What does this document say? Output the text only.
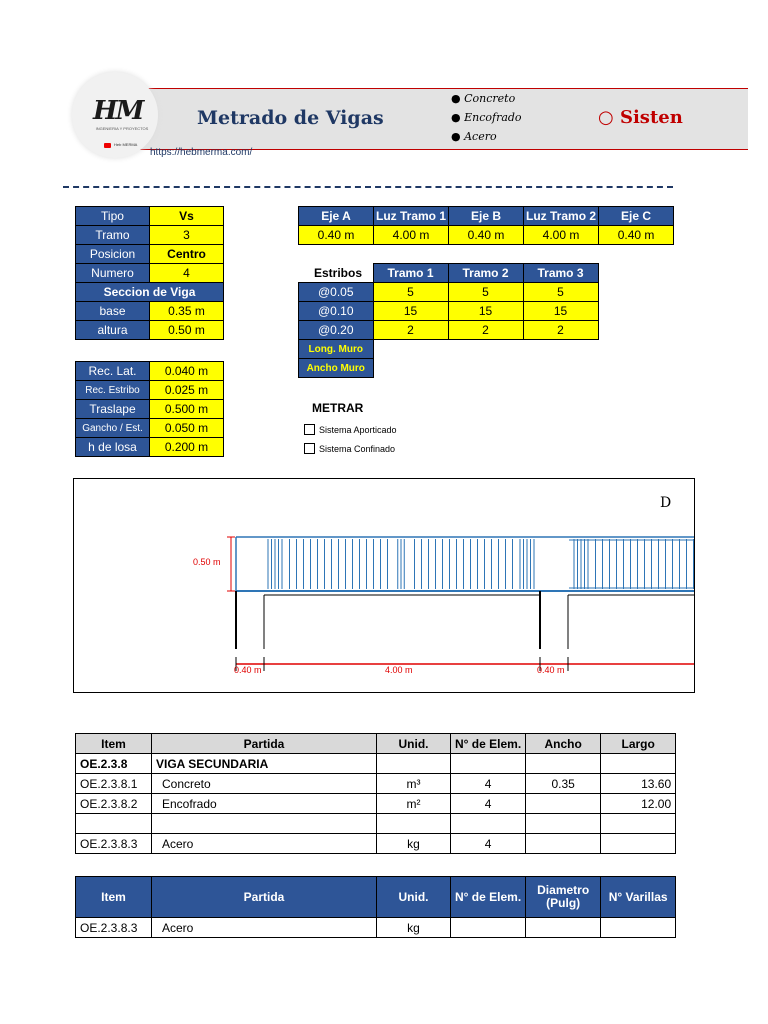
HM
INGENIERIA Y PROYECTOS
Heb MERMA
Metrado de Vigas
● Concreto
● Encofrado
● Acero
○ Sisten
https://hebmerma.com/
Tipo	Vs
Tramo	3
Posicion	Centro
Numero	4
Seccion de Viga	
base	0.35 m
altura	0.50 m
Rec. Lat.	0.040 m
Rec. Estribo	0.025 m
Traslape	0.500 m
Gancho / Est.	0.050 m
h de losa	0.200 m
Eje A	Luz Tramo 1	Eje B	Luz Tramo 2	Eje C
0.40 m	4.00 m	0.40 m	4.00 m	0.40 m
Estribos
	Tramo 1	Tramo 2	Tramo 3
@0.05	5	5	5
@0.10	15	15	15
@0.20	2	2	2
Long. Muro			
Ancho Muro			
METRAR
Sistema Aporticado
Sistema Confinado
D
0.50 m
0.40 m	4.00 m	0.40 m
Item	Partida	Unid.	N° de Elem.	Ancho	Largo
OE.2.3.8	VIGA SECUNDARIA				
OE.2.3.8.1	Concreto	m³	4	0.35	13.60
OE.2.3.8.2	Encofrado	m²	4		12.00

OE.2.3.8.3	Acero	kg	4		
Item	Partida	Unid.	N° de Elem.	Diametro (Pulg)	N° Varillas
OE.2.3.8.3	Acero	kg			
